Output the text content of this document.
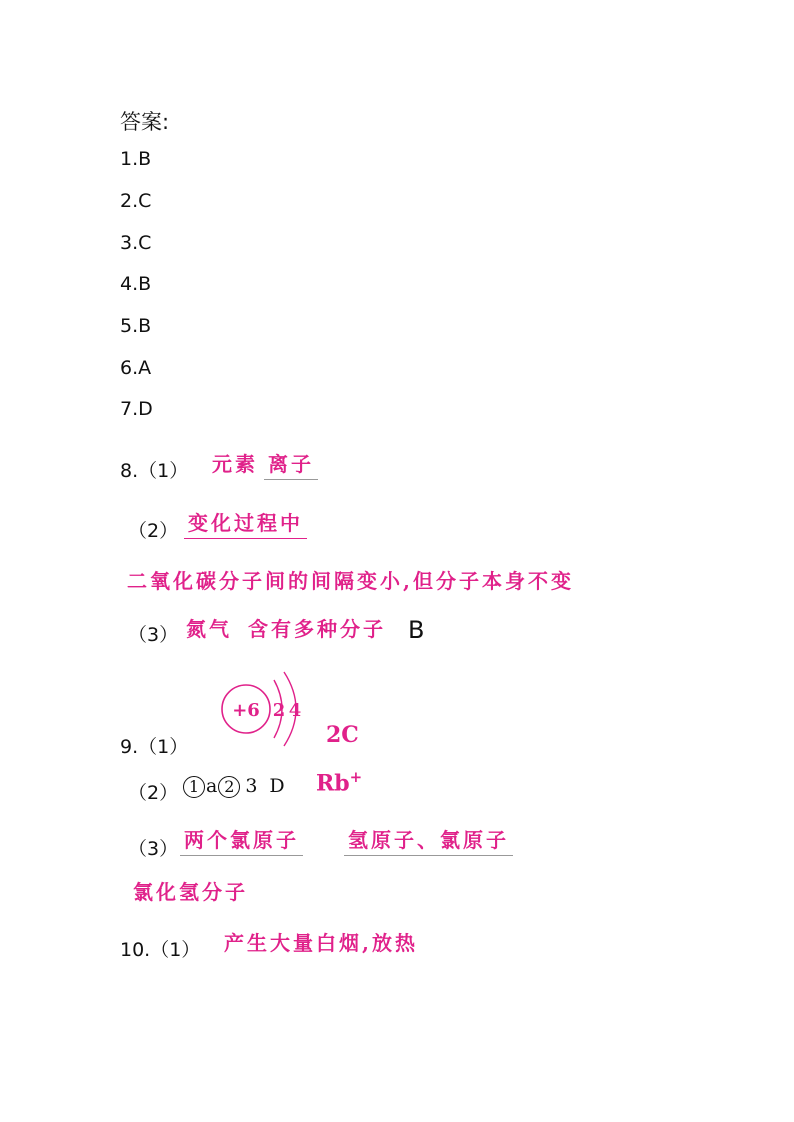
答案:
1.B
2.C
3.C
4.B
5.B
6.A
7.D
8.（1） 元素 离子
（2） 变化过程中
二氧化碳分子间的间隔变小,但分子本身不变
（3） 氮气 含有多种分子 B
9.（1）
+6 2 4
2C
（2） 1 a 2 3 D Rb+
（3） 两个氯原子 氢原子、氯原子
氯化氢分子
10.（1） 产生大量白烟,放热
